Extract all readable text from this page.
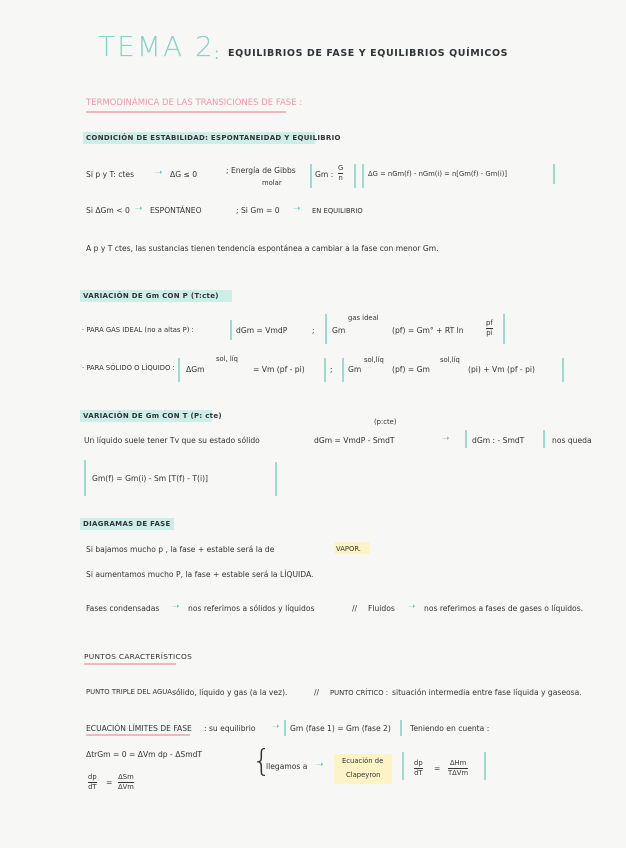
TEMA 2 : EQUILIBRIOS DE FASE Y EQUILIBRIOS QUÍMICOS
TERMODINÁMICA DE LAS TRANSICIONES DE FASE :
CONDICIÓN DE ESTABILIDAD: ESPONTANEIDAD Y EQUILIBRIO
Si p y T: ctes ➝ ΔG ≤ 0	; Energía de Gibbs
molar
Gm : $\frac{G}{n}$	ΔG = nGm(f) - nGm(i) = n[Gm(f) - Gm(i)]
Si ΔGm < 0 ➝ ESPONTÁNEO	; Si Gm = 0 ➝ EN EQUILIBRIO
A p y T ctes, las sustancias tienen tendencia espontánea a cambiar a la fase con menor Gm.
VARIACIÓN DE Gm CON P (T:cte)
· PARA GAS IDEAL (no a altas P) :	dGm = VmdP	; Gm
gas ideal
(pf) = Gm° + RT ln	$\frac{pf}{pi}$
· PARA SÓLIDO O LÍQUIDO : ΔGm
sol, líq
= Vm (pf - pi)	; Gm
sol,líq
(pf) = Gm
sol,líq
(pi) + Vm (pf - pi)
VARIACIÓN DE Gm CON T (P: cte)
Un líquido suele tener Tv que su estado sólido
(p:cte)
dGm = VmdP - SmdT	➝	dGm : - SmdT	nos queda
Gm(f) = Gm(i) - Sm [T(f) - T(i)]
DIAGRAMAS DE FASE
Si bajamos mucho p , la fase + estable será la de	VAPOR.
Si aumentamos mucho P, la fase + estable será la LÍQUIDA.
Fases condensadas ➝ nos referimos a sólidos y líquidos	// Fluidos ➝ nos referimos a fases de gases o líquidos.
PUNTOS CARACTERÍSTICOS
PUNTO TRIPLE DEL AGUA :
sólido, líquido y gas (a la vez).	// PUNTO CRÍTICO : situación intermedia entre fase líquida y gaseosa.
ECUACIÓN LÍMITES DE FASE : su equilibrio ➝ Gm (fase 1) = Gm (fase 2)	Teniendo en cuenta :
ΔtrGm = 0 = ΔVm dp - ΔSmdT
$\frac{dp}{dT} = \frac{\text{ΔSm}}{\text{ΔVm}}$
{
llegamos a ➝	Ecuación de
Clapeyron	$\frac{dp}{dT} = \frac{\text{ΔHm}}{\text{TΔVm}}$
